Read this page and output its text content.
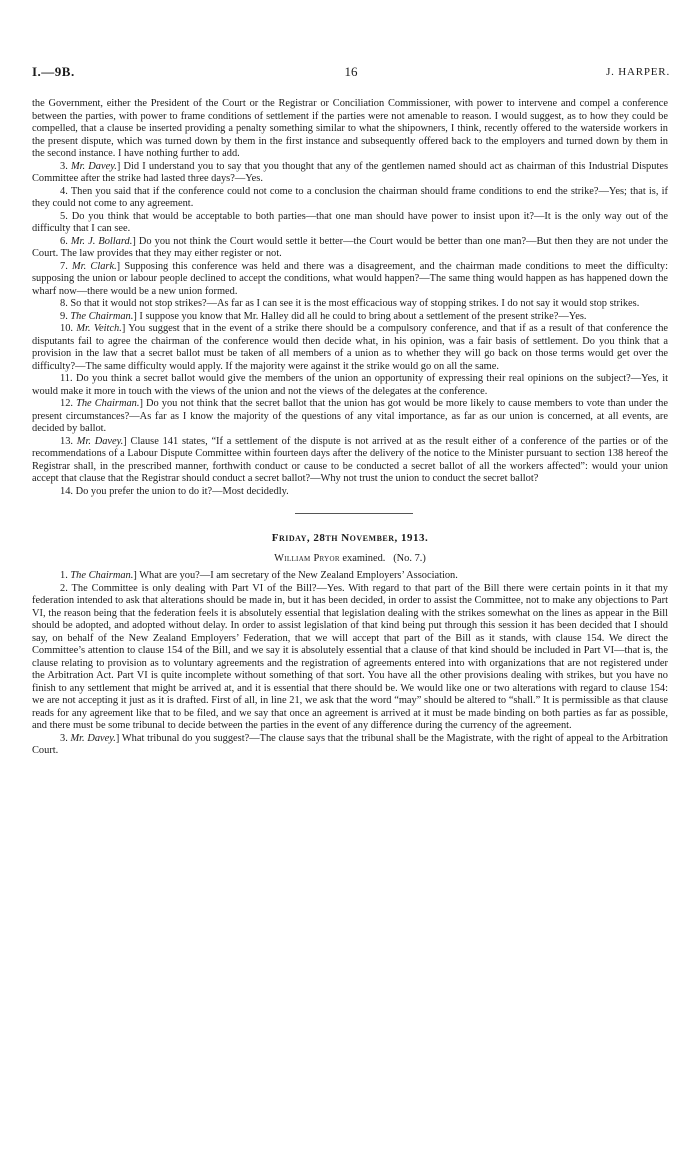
I.—9B.	16	J. HARPER.

the Government, either the President of the Court or the Registrar or Conciliation Commissioner, with power to intervene and compel a conference between the parties, with power to frame conditions of settlement if the parties were not amenable to reason. I would suggest, as to how they could be compelled, that a clause be inserted providing a penalty something similar to what the shipowners, I think, recently offered to the waterside workers in the present dispute, which was turned down by them in the first instance and subsequently offered back to the employers and turned down by them in the second instance. I have nothing further to add.

3. Mr. Davey.] Did I understand you to say that you thought that any of the gentlemen named should act as chairman of this Industrial Disputes Committee after the strike had lasted three days?—Yes.

4. Then you said that if the conference could not come to a conclusion the chairman should frame conditions to end the strike?—Yes; that is, if they could not come to any agreement.

5. Do you think that would be acceptable to both parties—that one man should have power to insist upon it?—It is the only way out of the difficulty that I can see.

6. Mr. J. Bollard.] Do you not think the Court would settle it better—the Court would be better than one man?—But then they are not under the Court. The law provides that they may either register or not.

7. Mr. Clark.] Supposing this conference was held and there was a disagreement, and the chairman made conditions to meet the difficulty: supposing the union or labour people declined to accept the conditions, what would happen?—The same thing would happen as has happened down the wharf now—there would be a new union formed.

8. So that it would not stop strikes?—As far as I can see it is the most efficacious way of stopping strikes. I do not say it would stop strikes.

9. The Chairman.] I suppose you know that Mr. Halley did all he could to bring about a settlement of the present strike?—Yes.

10. Mr. Veitch.] You suggest that in the event of a strike there should be a compulsory conference, and that if as a result of that conference the disputants fail to agree the chairman of the conference would then decide what, in his opinion, was a fair basis of settlement. Do you think that a provision in the law that a secret ballot must be taken of all members of a union as to whether they will go back on those terms would get over the difficulty?—The same difficulty would apply. If the majority were against it the strike would go on all the same.

11. Do you think a secret ballot would give the members of the union an opportunity of expressing their real opinions on the subject?—Yes, it would make it more in touch with the views of the union and not the views of the delegates at the conference.

12. The Chairman.] Do you not think that the secret ballot that the union has got would be more likely to cause members to vote than under the present circumstances?—As far as I know the majority of the questions of any vital importance, as far as our union is concerned, at all events, are decided by ballot.

13. Mr. Davey.] Clause 141 states, “If a settlement of the dispute is not arrived at as the result either of a conference of the parties or of the recommendations of a Labour Dispute Committee within fourteen days after the delivery of the notice to the Minister pursuant to section 138 hereof the Registrar shall, in the prescribed manner, forthwith conduct or cause to be conducted a secret ballot of all the workers affected”: would your union accept that clause that the Registrar should conduct a secret ballot?—Why not trust the union to conduct the secret ballot?

14. Do you prefer the union to do it?—Most decidedly.

Friday, 28th November, 1913.
William Pryor examined. (No. 7.)

1. The Chairman.] What are you?—I am secretary of the New Zealand Employers’ Association.

2. The Committee is only dealing with Part VI of the Bill?—Yes. With regard to that part of the Bill there were certain points in it that my federation intended to ask that alterations should be made in, but it has been decided, in order to assist the Committee, not to make any objections to Part VI, the reason being that the federation feels it is absolutely essential that legislation dealing with the strikes somewhat on the lines as appear in the Bill should be adopted, and adopted without delay. In order to assist legislation of that kind being put through this session it has been decided that I should say, on behalf of the New Zealand Employers’ Federation, that we will accept that part of the Bill as it stands, with clause 154. We direct the Committee’s attention to clause 154 of the Bill, and we say it is absolutely essential that a clause of that kind should be included in Part VI—that is, the clause relating to provision as to voluntary agreements and the registration of agreements entered into with organizations that are not registered under the Arbitration Act. Part VI is quite incomplete without something of that sort. You have all the other provisions dealing with strikes, but you have no finish to any settlement that might be arrived at, and it is essential that there should be. We would like one or two alterations with regard to clause 154: we are not accepting it just as it is drafted. First of all, in line 21, we ask that the word “may” should be altered to “shall.” It is permissible as that clause reads for any agreement like that to be filed, and we say that once an agreement is arrived at it must be made binding on both parties as far as possible, and there must be some tribunal to decide between the parties in the event of any difference during the currency of the agreement.

3. Mr. Davey.] What tribunal do you suggest?—The clause says that the tribunal shall be the Magistrate, with the right of appeal to the Arbitration Court.
